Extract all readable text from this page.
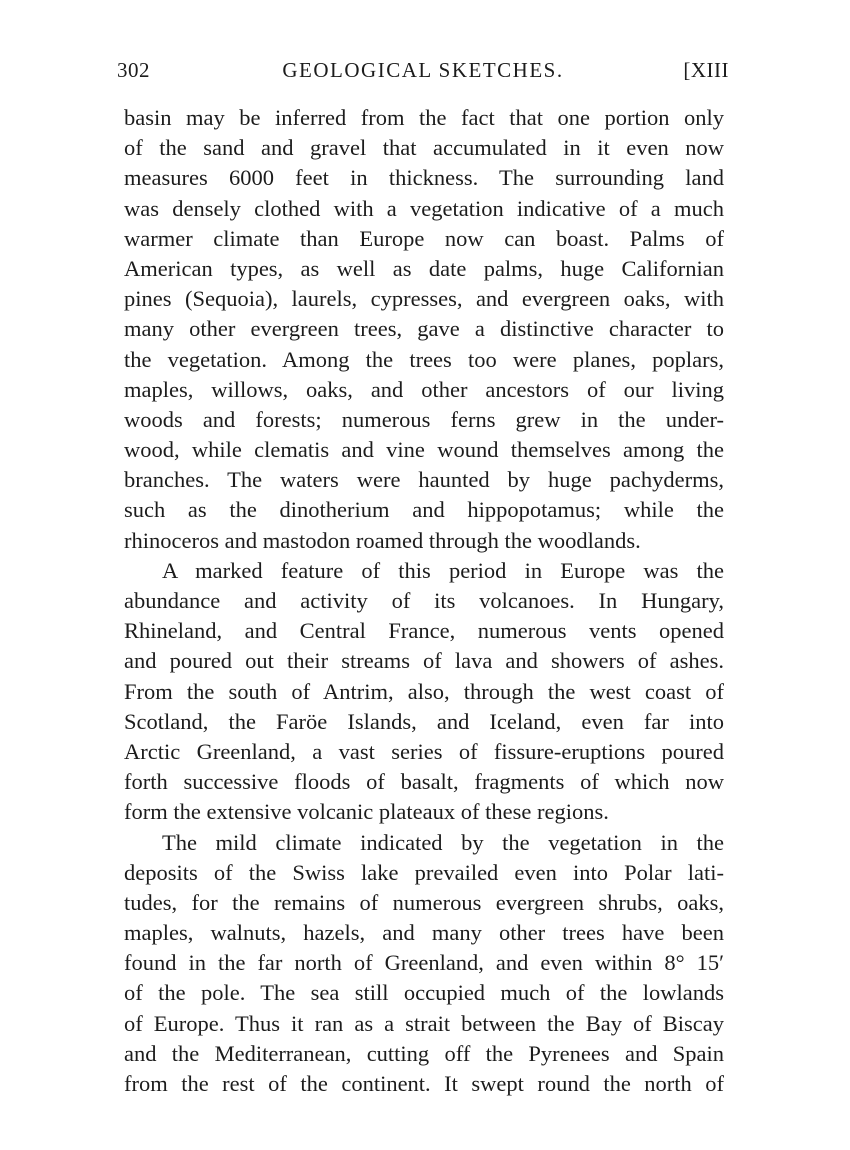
302	GEOLOGICAL SKETCHES.	[XIII
basin may be inferred from the fact that one portion only
of the sand and gravel that accumulated in it even now
measures 6000 feet in thickness. The surrounding land
was densely clothed with a vegetation indicative of a much
warmer climate than Europe now can boast. Palms of
American types, as well as date palms, huge Californian
pines (Sequoia), laurels, cypresses, and evergreen oaks, with
many other evergreen trees, gave a distinctive character to
the vegetation. Among the trees too were planes, poplars,
maples, willows, oaks, and other ancestors of our living
woods and forests; numerous ferns grew in the under-
wood, while clematis and vine wound themselves among the
branches. The waters were haunted by huge pachyderms,
such as the dinotherium and hippopotamus; while the
rhinoceros and mastodon roamed through the woodlands.
A marked feature of this period in Europe was the
abundance and activity of its volcanoes. In Hungary,
Rhineland, and Central France, numerous vents opened
and poured out their streams of lava and showers of ashes.
From the south of Antrim, also, through the west coast of
Scotland, the Faröe Islands, and Iceland, even far into
Arctic Greenland, a vast series of fissure-eruptions poured
forth successive floods of basalt, fragments of which now
form the extensive volcanic plateaux of these regions.
The mild climate indicated by the vegetation in the
deposits of the Swiss lake prevailed even into Polar lati-
tudes, for the remains of numerous evergreen shrubs, oaks,
maples, walnuts, hazels, and many other trees have been
found in the far north of Greenland, and even within 8° 15′
of the pole. The sea still occupied much of the lowlands
of Europe. Thus it ran as a strait between the Bay of Biscay
and the Mediterranean, cutting off the Pyrenees and Spain
from the rest of the continent. It swept round the north of
